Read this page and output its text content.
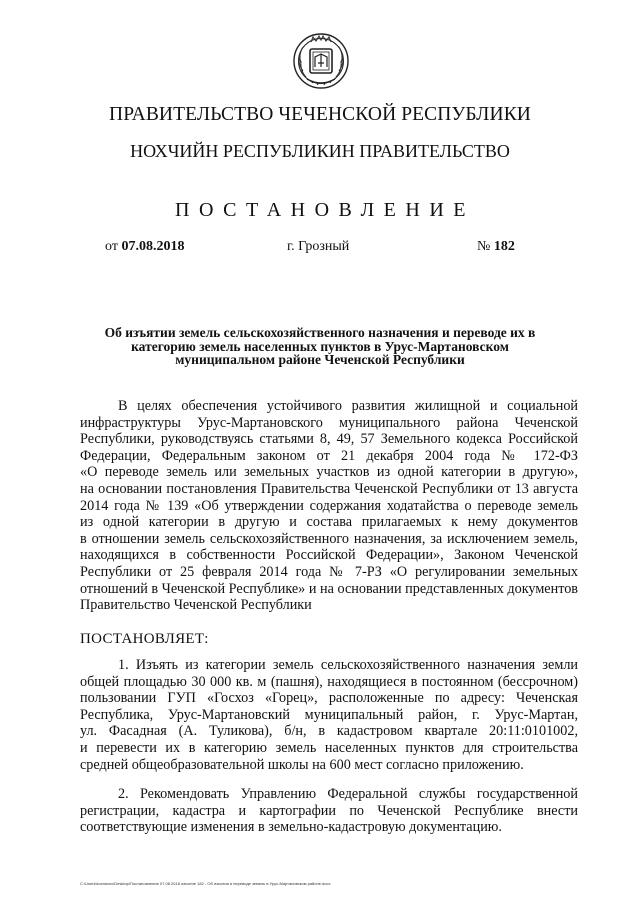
ПРАВИТЕЛЬСТВО ЧЕЧЕНСКОЙ РЕСПУБЛИКИ
НОХЧИЙН РЕСПУБЛИКИН ПРАВИТЕЛЬСТВО
ПОСТАНОВЛЕНИЕ
от 07.08.2018	г. Грозный	№ 182
Об изъятии земель сельскохозяйственного назначения и переводе их в категорию земель населенных пунктов в Урус-Мартановском муниципальном районе Чеченской Республики
В целях обеспечения устойчивого развития жилищной и социальной
инфраструктуры Урус-Мартановского муниципального района Чеченской
Республики, руководствуясь статьями 8, 49, 57 Земельного кодекса Российской
Федерации, Федеральным законом от 21 декабря 2004 года № 172-ФЗ
«О переводе земель или земельных участков из одной категории в другую»,
на основании постановления Правительства Чеченской Республики от 13 августа
2014 года № 139 «Об утверждении содержания ходатайства о переводе земель
из одной категории в другую и состава прилагаемых к нему документов
в отношении земель сельскохозяйственного назначения, за исключением земель,
находящихся в собственности Российской Федерации», Законом Чеченской
Республики от 25 февраля 2014 года № 7-РЗ «О регулировании земельных
отношений в Чеченской Республике» и на основании представленных документов
Правительство Чеченской Республики
ПОСТАНОВЛЯЕТ:
1. Изъять из категории земель сельскохозяйственного назначения земли
общей площадью 30 000 кв. м (пашня), находящиеся в постоянном (бессрочном)
пользовании ГУП «Госхоз «Горец», расположенные по адресу: Чеченская
Республика, Урус-Мартановский муниципальный район, г. Урус-Мартан,
ул. Фасадная (А. Туликова), б/н, в кадастровом квартале 20:11:0101002,
и перевести их в категорию земель населенных пунктов для строительства
средней общеобразовательной школы на 600 мест согласно приложению.
2. Рекомендовать Управлению Федеральной службы государственной
регистрации, кадастра и картографии по Чеченской Республике внести
соответствующие изменения в земельно-кадастровую документацию.
C:\Users\kurdanov\Desktop\Постановление 07.08.2018 изъятие 182 - Об изъятии и переводе земель в Урус-Мартановском районе.docx
